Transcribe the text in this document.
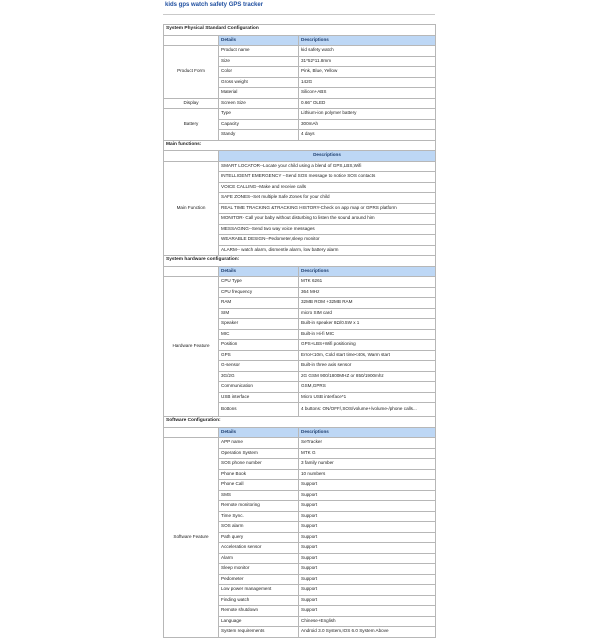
kids gps watch safety GPS tracker
System Physical Standard Configuration		
	Details	Descriptions
Product Form	Product name	kid safety watch
	Size	31*52*11.8mm
	Color	Pink, Blue, Yellow
	Gross weight	142G
	Material	Silicon+ABS
Display	Screen Size	0.66" OLED
Battery	Type	Lithium-ion polymer battery
	Capacity	300mAh
	Standy	4 days
Main functions:		
	Descriptions	
Main Function	SMART LOCATOR--Locate your child using a blend of GPS,LBS,Wifi	
	INTELLIGENT EMERGENCY --Send SOS message to notice SOS contacts	
	VOICE CALLING--Make and receive calls	
	SAFE ZONES--Set multiple Safe Zones for your child	
	REAL TIME TRACKING &TRACKING HISTORY-Check on app map or GPRS platform	
	MONITOR- Call your baby without disturbing to listen the sound around him	
	MESSAGING--Send two way voice messages	
	WEARABLE DESIGN--Pedometer,sleep monitor	
	ALARM-- watch alarm, dismentle alarm, low battery alarm	
System hardware configuration:		
	Details	Descriptions
Hardware Feature	CPU Type	MTK 6261
	CPU frequency	364 MHz
	RAM	32MB ROM +32MB RAM
	SIM	micro SIM card
	Speaker	Built-in speaker 8Ω/0.5W x 1
	MIC	Built-in Hi-fi MIC
	Position	GPS+LBS+Wifi positioning
	GPS	Error<10m, Cold start time<40s, Warm start
	G-sensor	Built-in three axis sensor
	3G/2G	2G GSM 900/1800MHZ or 850/1900mhz
	Communication	GSM,GPRS
	USB interface	Micro USB interface*1
	Bottons	4 buttons: ON/OFF/,SOS/volume+/volume-/phone calls...
Software Configuration:		
	Details	Descriptions
Software Feature	APP name	SeTracker
	Operation System	MTK G
	SOS phone number	3 family number
	Phone Book	10 numbers
	Phone Call	Support
	SMS	Support
	Remote monitoring	Support
	Time Sync.	Support
	SOS alarm	Support
	Path query	Support
	Acceleration sensor	Support
	Alarm	Support
	Sleep monitor	Support
	Pedometer	Support
	Low power management	Support
	Finding watch	Support
	Remote shutdown	Support
	Language	Chinese+English
	System requirements	Android 3.0 System,IOS 6.0 System Above
